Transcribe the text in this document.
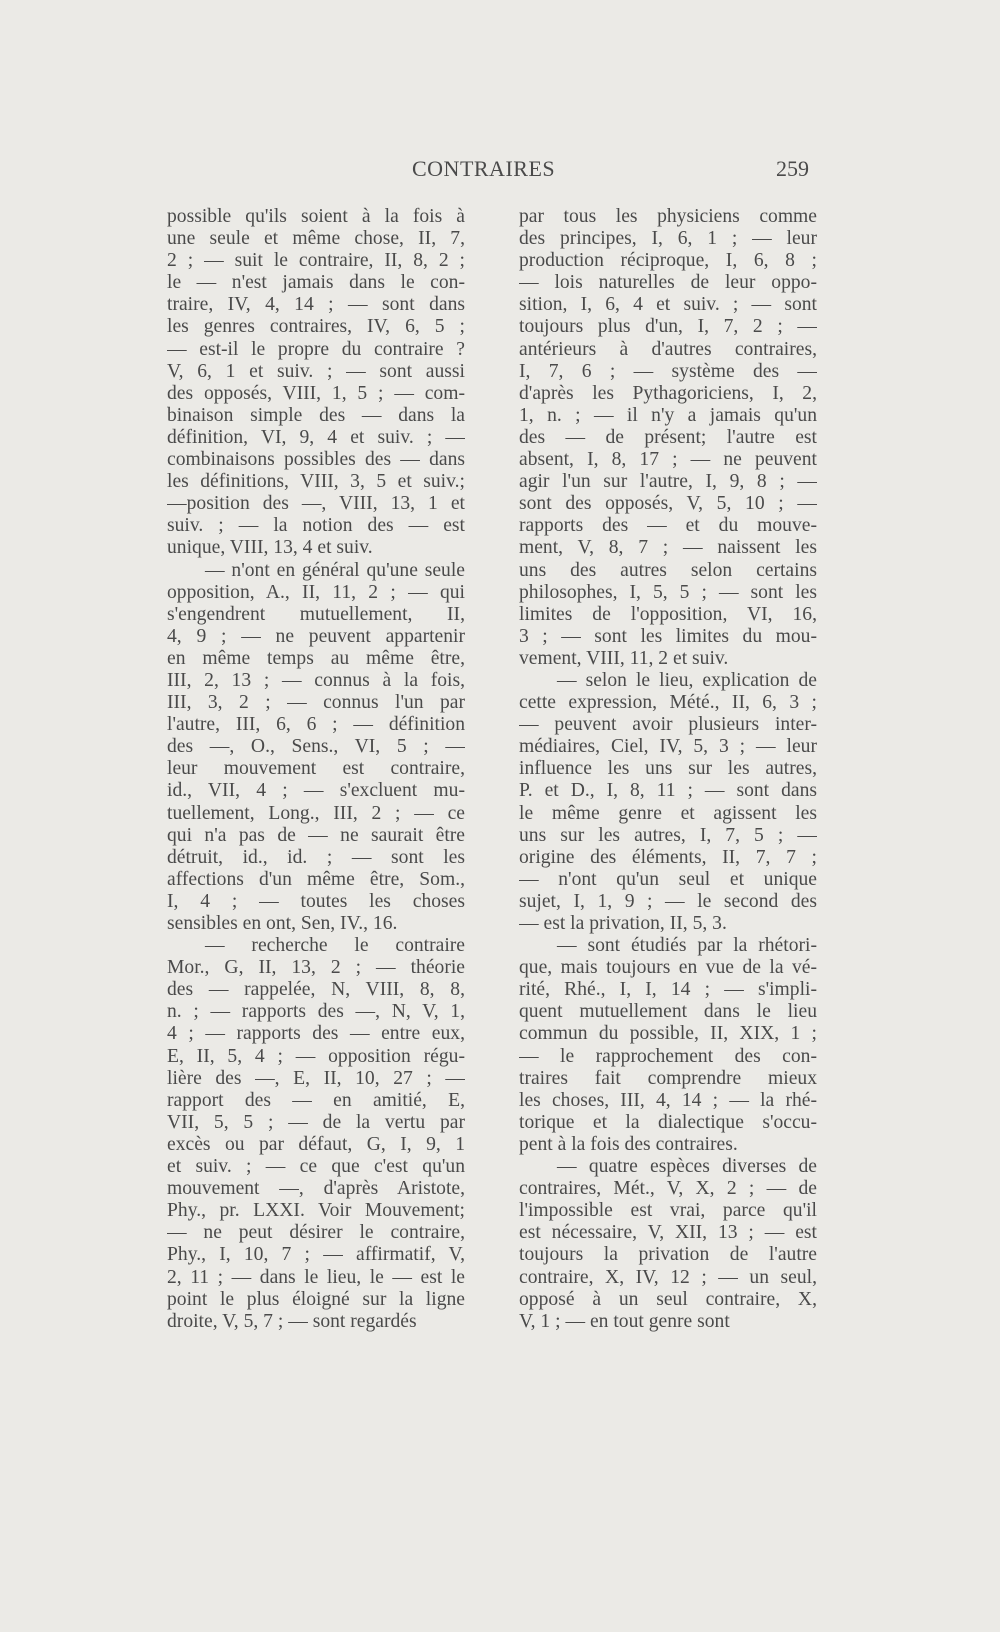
CONTRAIRES	259
possible qu'ils soient à la fois à
une seule et même chose, II, 7,
2 ; — suit le contraire, II, 8, 2 ;
le — n'est jamais dans le con-
traire, IV, 4, 14 ; — sont dans
les genres contraires, IV, 6, 5 ;
— est-il le propre du contraire ?
V, 6, 1 et suiv. ; — sont aussi
des opposés, VIII, 1, 5 ; — com-
binaison simple des — dans la
définition, VI, 9, 4 et suiv. ; —
combinaisons possibles des — dans
les définitions, VIII, 3, 5 et suiv.;
—position des —, VIII, 13, 1 et
suiv. ; — la notion des — est
unique, VIII, 13, 4 et suiv.
— n'ont en général qu'une seule
opposition, A., II, 11, 2 ; — qui
s'engendrent mutuellement, II,
4, 9 ; — ne peuvent appartenir
en même temps au même être,
III, 2, 13 ; — connus à la fois,
III, 3, 2 ; — connus l'un par
l'autre, III, 6, 6 ; — définition
des —, O., Sens., VI, 5 ; —
leur mouvement est contraire,
id., VII, 4 ; — s'excluent mu-
tuellement, Long., III, 2 ; — ce
qui n'a pas de — ne saurait être
détruit, id., id. ; — sont les
affections d'un même être, Som.,
I, 4 ; — toutes les choses
sensibles en ont, Sen, IV., 16.
— recherche le contraire
Mor., G, II, 13, 2 ; — théorie
des — rappelée, N, VIII, 8, 8,
n. ; — rapports des —, N, V, 1,
4 ; — rapports des — entre eux,
E, II, 5, 4 ; — opposition régu-
lière des —, E, II, 10, 27 ; —
rapport des — en amitié, E,
VII, 5, 5 ; — de la vertu par
excès ou par défaut, G, I, 9, 1
et suiv. ; — ce que c'est qu'un
mouvement —, d'après Aristote,
Phy., pr. LXXI. Voir Mouvement;
— ne peut désirer le contraire,
Phy., I, 10, 7 ; — affirmatif, V,
2, 11 ; — dans le lieu, le — est le
point le plus éloigné sur la ligne
droite, V, 5, 7 ; — sont regardés
par tous les physiciens comme
des principes, I, 6, 1 ; — leur
production réciproque, I, 6, 8 ;
— lois naturelles de leur oppo-
sition, I, 6, 4 et suiv. ; — sont
toujours plus d'un, I, 7, 2 ; —
antérieurs à d'autres contraires,
I, 7, 6 ; — système des —
d'après les Pythagoriciens, I, 2,
1, n. ; — il n'y a jamais qu'un
des — de présent; l'autre est
absent, I, 8, 17 ; — ne peuvent
agir l'un sur l'autre, I, 9, 8 ; —
sont des opposés, V, 5, 10 ; —
rapports des — et du mouve-
ment, V, 8, 7 ; — naissent les
uns des autres selon certains
philosophes, I, 5, 5 ; — sont les
limites de l'opposition, VI, 16,
3 ; — sont les limites du mou-
vement, VIII, 11, 2 et suiv.
— selon le lieu, explication de
cette expression, Mété., II, 6, 3 ;
— peuvent avoir plusieurs inter-
médiaires, Ciel, IV, 5, 3 ; — leur
influence les uns sur les autres,
P. et D., I, 8, 11 ; — sont dans
le même genre et agissent les
uns sur les autres, I, 7, 5 ; —
origine des éléments, II, 7, 7 ;
— n'ont qu'un seul et unique
sujet, I, 1, 9 ; — le second des
— est la privation, II, 5, 3.
— sont étudiés par la rhétori-
que, mais toujours en vue de la vé-
rité, Rhé., I, I, 14 ; — s'impli-
quent mutuellement dans le lieu
commun du possible, II, XIX, 1 ;
— le rapprochement des con-
traires fait comprendre mieux
les choses, III, 4, 14 ; — la rhé-
torique et la dialectique s'occu-
pent à la fois des contraires.
— quatre espèces diverses de
contraires, Mét., V, X, 2 ; — de
l'impossible est vrai, parce qu'il
est nécessaire, V, XII, 13 ; — est
toujours la privation de l'autre
contraire, X, IV, 12 ; — un seul,
opposé à un seul contraire, X,
V, 1 ; — en tout genre sont
